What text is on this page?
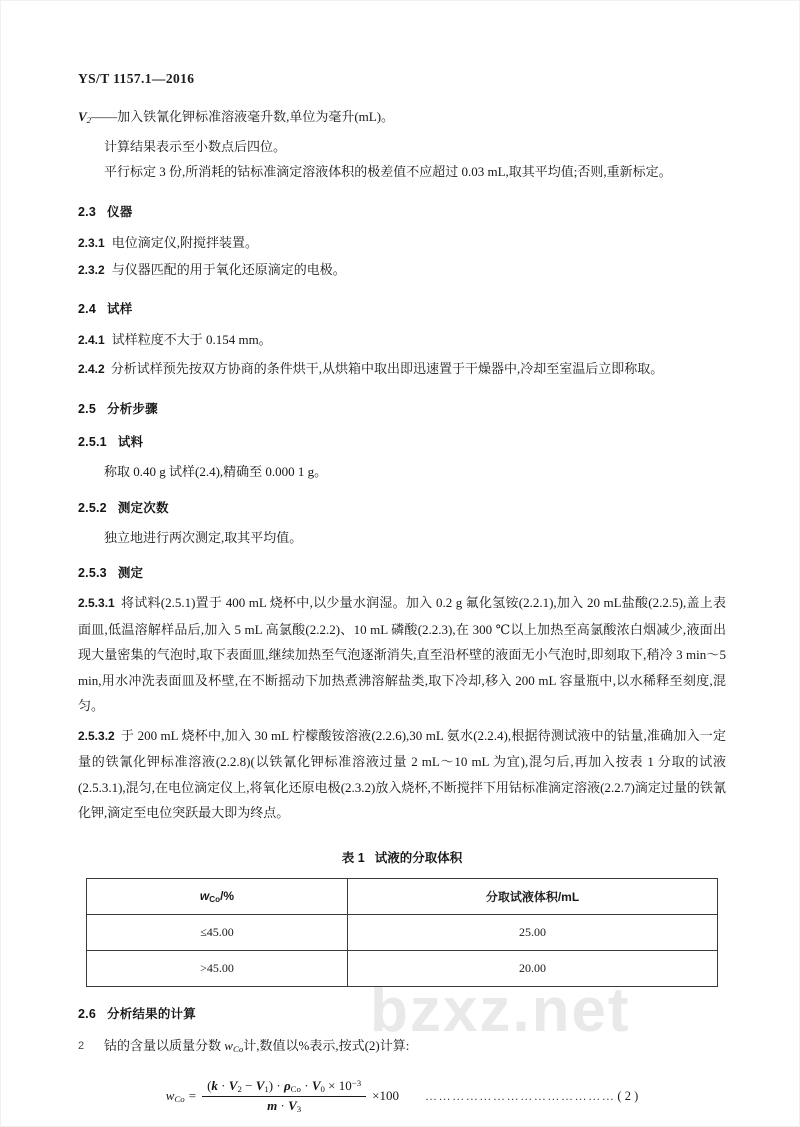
bzxz.net
YS/T 1157.1—2016
$V_2——$加入铁氰化钾标准溶液毫升数,单位为毫升(mL)。
计算结果表示至小数点后四位。
平行标定 3 份,所消耗的钴标准滴定溶液体积的极差值不应超过 0.03 mL,取其平均值;否则,重新标定。
2.3 仪器
2.3.1 电位滴定仪,附搅拌装置。
2.3.2 与仪器匹配的用于氧化还原滴定的电极。
2.4 试样
2.4.1 试样粒度不大于 0.154 mm。
2.4.2 分析试样预先按双方协商的条件烘干,从烘箱中取出即迅速置于干燥器中,冷却至室温后立即称取。
2.5 分析步骤
2.5.1 试料
称取 0.40 g 试样(2.4),精确至 0.000 1 g。
2.5.2 测定次数
独立地进行两次测定,取其平均值。
2.5.3 测定
2.5.3.1 将试料(2.5.1)置于 400 mL 烧杯中,以少量水润湿。加入 0.2 g 氟化氢铵(2.2.1),加入 20 mL盐酸(2.2.5),盖上表面皿,低温溶解样品后,加入 5 mL 高氯酸(2.2.2)、10 mL 磷酸(2.2.3),在 300 ℃以上加热至高氯酸浓白烟减少,液面出现大量密集的气泡时,取下表面皿,继续加热至气泡逐渐消失,直至沿杯壁的液面无小气泡时,即刻取下,稍冷 3 min～5 min,用水冲洗表面皿及杯壁,在不断摇动下加热煮沸溶解盐类,取下冷却,移入 200 mL 容量瓶中,以水稀释至刻度,混匀。
2.5.3.2 于 200 mL 烧杯中,加入 30 mL 柠檬酸铵溶液(2.2.6),30 mL 氨水(2.2.4),根据待测试液中的钴量,准确加入一定量的铁氰化钾标准溶液(2.2.8)(以铁氰化钾标准溶液过量 2 mL～10 mL 为宜),混匀后,再加入按表 1 分取的试液(2.5.3.1),混匀,在电位滴定仪上,将氧化还原电极(2.3.2)放入烧杯,不断搅拌下用钴标准滴定溶液(2.2.7)滴定过量的铁氰化钾,滴定至电位突跃最大即为终点。
表 1 试液的分取体积
$w_{Co}/\%$	分取试液体积/mL
≤45.00	25.00
>45.00	20.00
2.6 分析结果的计算
钴的含量以质量分数 $w_{Co}$计,数值以%表示,按式(2)计算:
$w_{Co} = \frac{(k \cdot V_2 - V_1) \cdot \rho_{Co} \cdot V_0 \times 10^{-3}}{m \cdot V_3} \times 100$ …………………………………… ( 2 )
2
